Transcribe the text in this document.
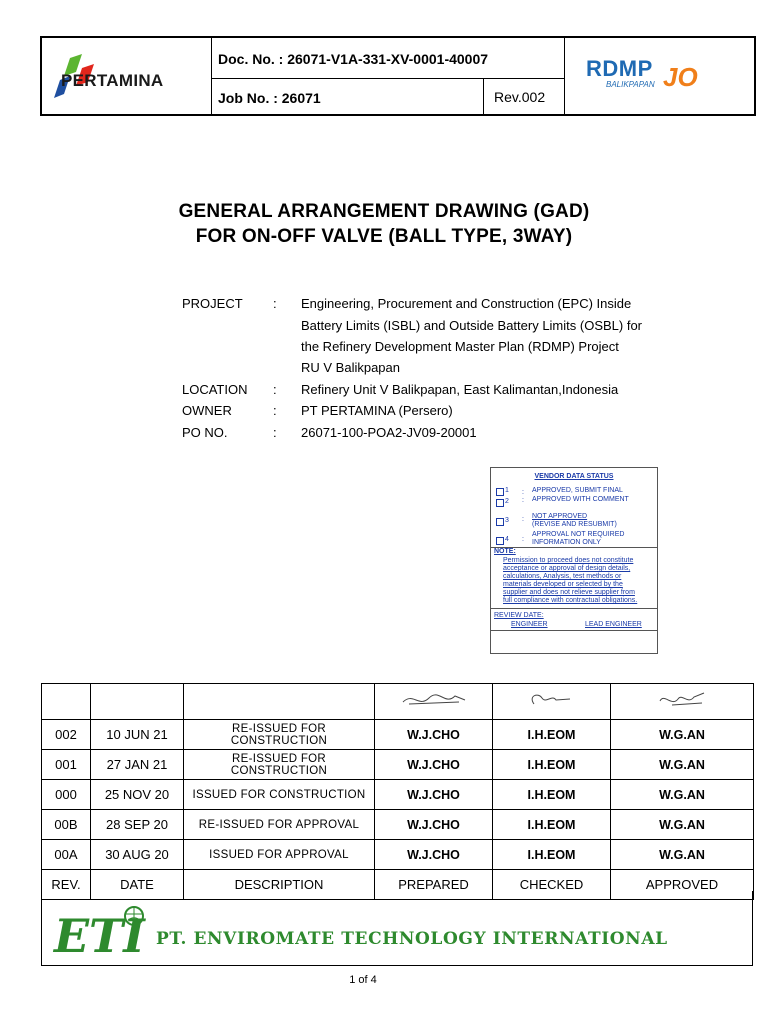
Doc. No. : 26071-V1A-331-XV-0001-40007
Job No. : 26071	Rev.002
PERTAMINA	RDMP
BALIKPAPAN JO
GENERAL ARRANGEMENT DRAWING (GAD)
FOR ON-OFF VALVE (BALL TYPE, 3WAY)
PROJECT : Engineering, Procurement and Construction (EPC) Inside
Battery Limits (ISBL) and Outside Battery Limits (OSBL) for
the Refinery Development Master Plan (RDMP) Project
RU V Balikpapan
LOCATION : Refinery Unit V Balikpapan, East Kalimantan,Indonesia
OWNER	: PT PERTAMINA (Persero)
PO NO.	: 26071-100-POA2-JV09-20001
VENDOR DATA STATUS
1 : APPROVED, SUBMIT FINAL
2 : APPROVED WITH COMMENT
3 : NOT APPROVED
(REVISE AND RESUBMIT)
4 :
APPROVAL NOT REQUIRED
INFORMATION ONLY
NOTE:
Permission to proceed does not constitute
acceptance or approval of design details,
calculations, Analysis, test methods or
materials developed or selected by the
supplier and does not relieve supplier from
full compliance with contractual obligations.
REVIEW DATE:
ENGINEER	LEAD ENGINEER

002	10 JUN 21	RE-ISSUED FOR CONSTRUCTION	W.J.CHO	I.H.EOM	W.G.AN
001	27 JAN 21	RE-ISSUED FOR CONSTRUCTION	W.J.CHO	I.H.EOM	W.G.AN
000	25 NOV 20	ISSUED FOR CONSTRUCTION	W.J.CHO	I.H.EOM	W.G.AN
00B	28 SEP 20	RE-ISSUED FOR APPROVAL	W.J.CHO	I.H.EOM	W.G.AN
00A	30 AUG 20	ISSUED FOR APPROVAL	W.J.CHO	I.H.EOM	W.G.AN
REV.	DATE	DESCRIPTION	PREPARED	CHECKED	APPROVED
ETI PT. ENVIROMATE TECHNOLOGY INTERNATIONAL
1 of 4
